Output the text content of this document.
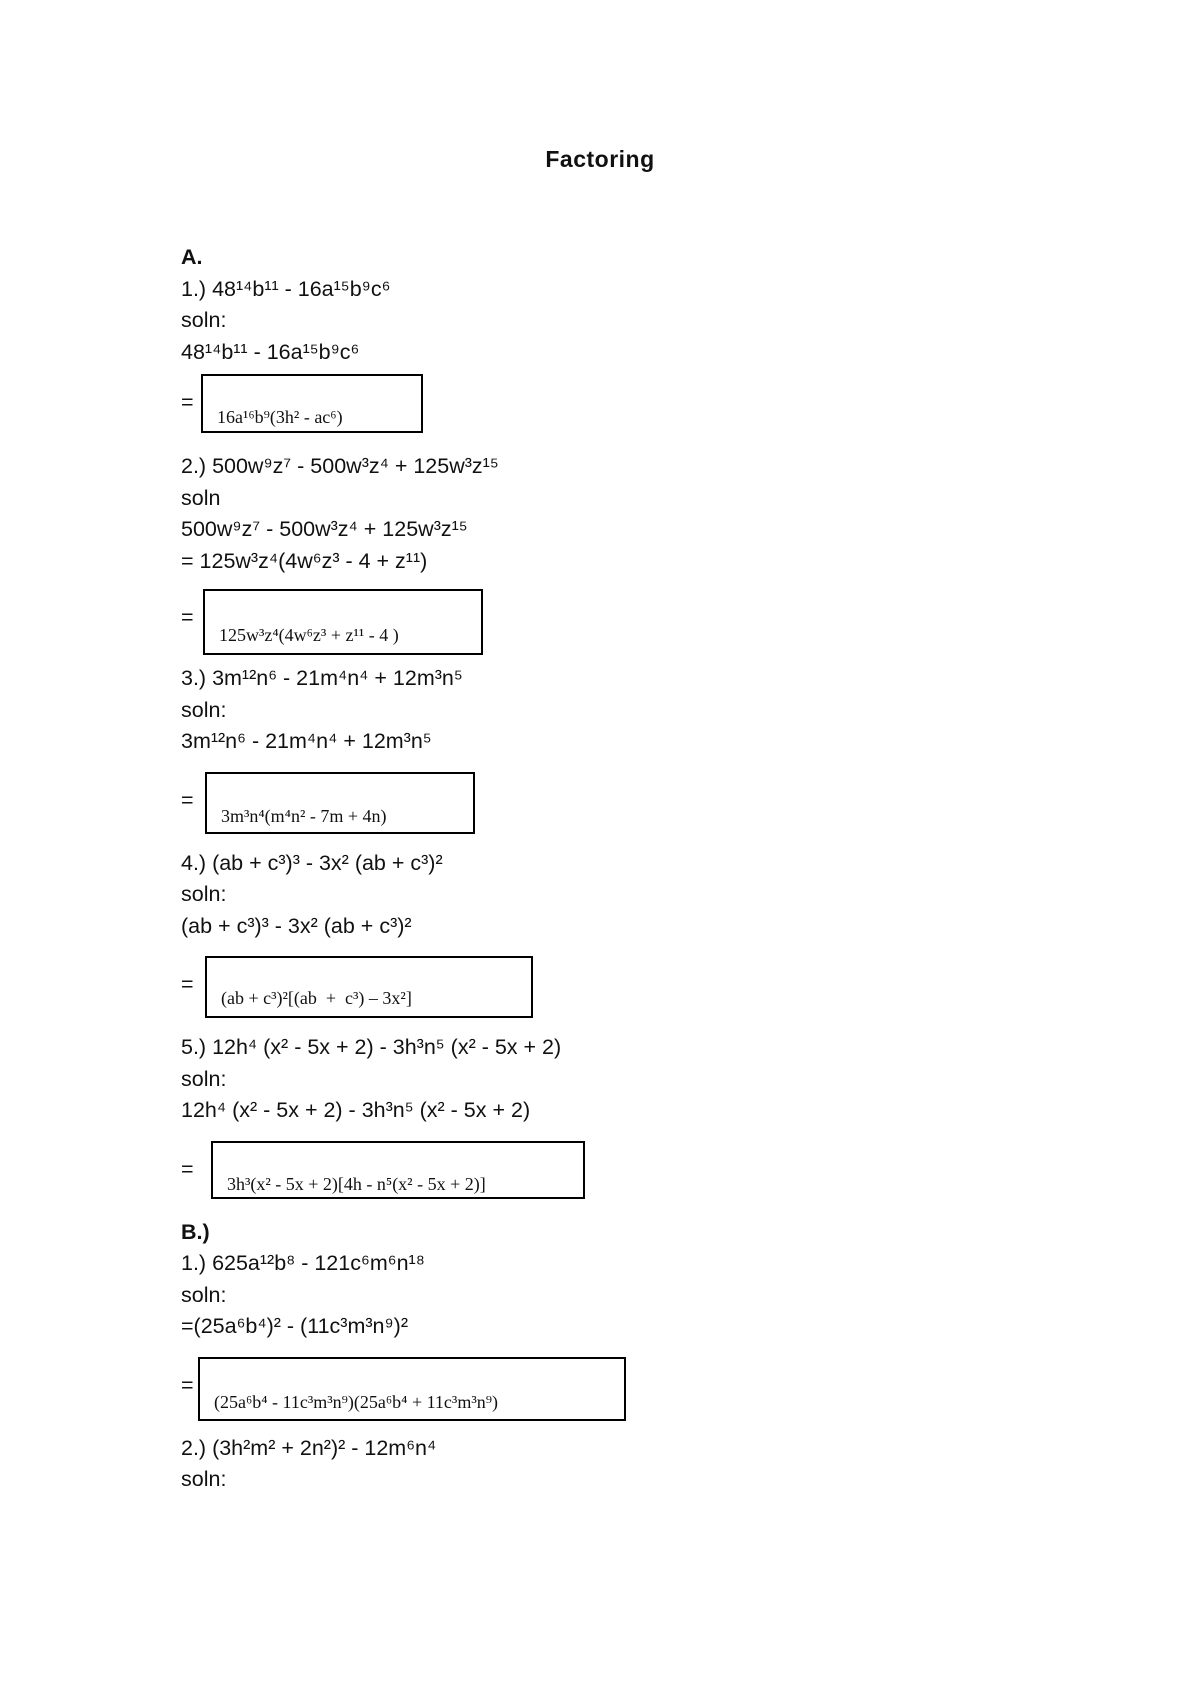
Factoring
A.
1.) 48¹⁴b¹¹ - 16a¹⁵b⁹c⁶
soln:
48¹⁴b¹¹ - 16a¹⁵b⁹c⁶
=
16a¹⁶b⁹(3h² - ac⁶)
2.) 500w⁹z⁷ - 500w³z⁴ + 125w³z¹⁵
soln
500w⁹z⁷ - 500w³z⁴ + 125w³z¹⁵
= 125w³z⁴(4w⁶z³ - 4 + z¹¹)
=
125w³z⁴(4w⁶z³ + z¹¹ - 4 )
3.) 3m¹²n⁶ - 21m⁴n⁴ + 12m³n⁵
soln:
3m¹²n⁶ - 21m⁴n⁴ + 12m³n⁵
=
3m³n⁴(m⁴n² - 7m + 4n)
4.) (ab + c³)³ - 3x² (ab + c³)²
soln:
(ab + c³)³ - 3x² (ab + c³)²
=
(ab + c³)²[(ab  +  c³) – 3x²]
5.) 12h⁴ (x² - 5x + 2) - 3h³n⁵ (x² - 5x + 2)
soln:
12h⁴ (x² - 5x + 2) - 3h³n⁵ (x² - 5x + 2)
=
3h³(x² - 5x + 2)[4h - n⁵(x² - 5x + 2)]
B.)
1.) 625a¹²b⁸ - 121c⁶m⁶n¹⁸
soln:
=(25a⁶b⁴)² - (11c³m³n⁹)²
=
(25a⁶b⁴ - 11c³m³n⁹)(25a⁶b⁴ + 11c³m³n⁹)
2.) (3h²m² + 2n²)² - 12m⁶n⁴
soln:
